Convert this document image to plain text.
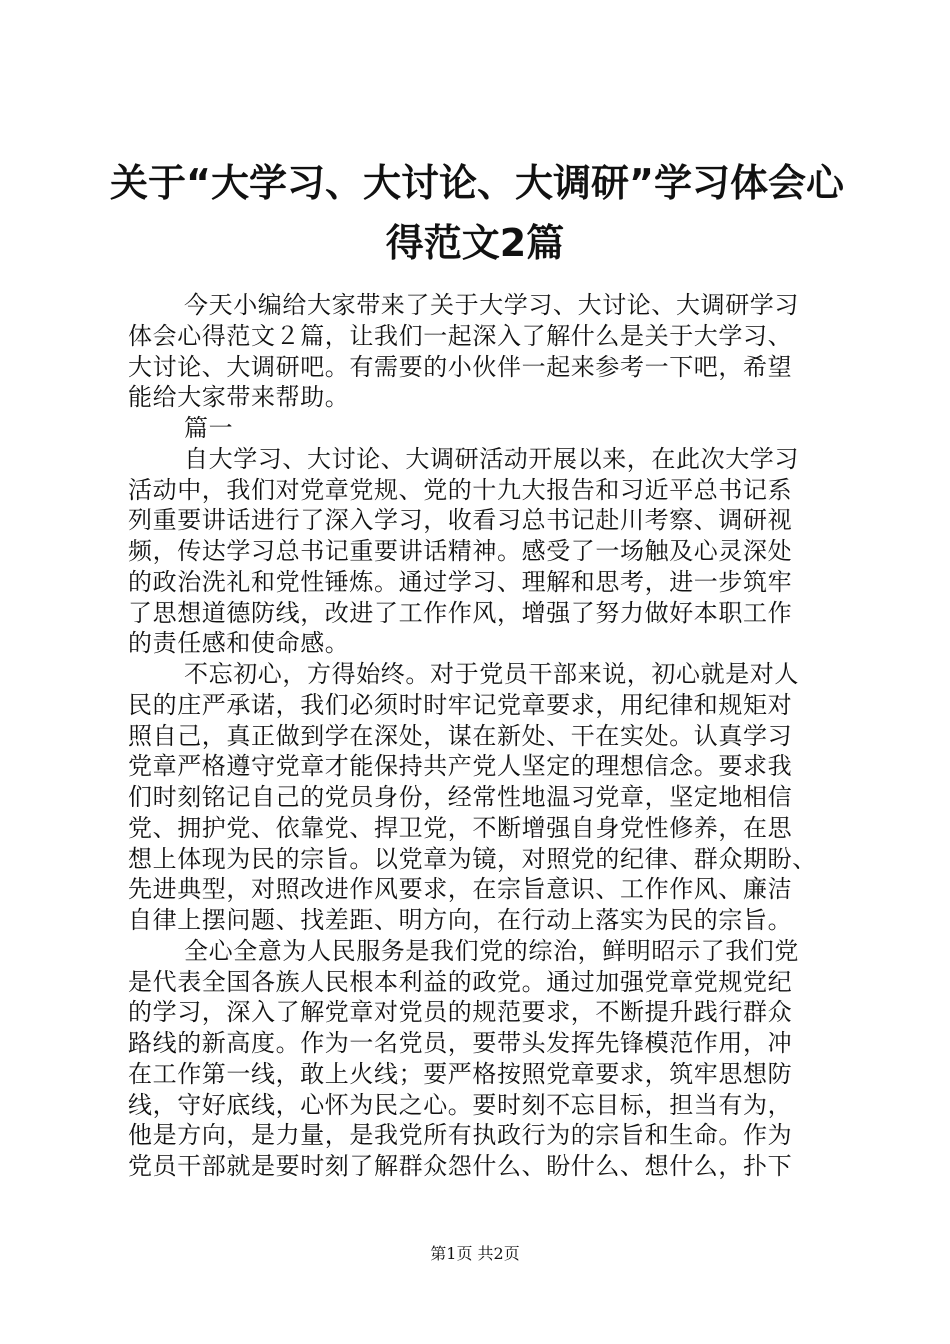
关于“大学习、大讨论、大调研”学习体会心
得范文2篇
今天小编给大家带来了关于大学习、大讨论、大调研学习
体会心得范文２篇，让我们一起深入了解什么是关于大学习、
大讨论、大调研吧。有需要的小伙伴一起来参考一下吧，希望
能给大家带来帮助。
篇一
自大学习、大讨论、大调研活动开展以来，在此次大学习
活动中，我们对党章党规、党的十九大报告和习近平总书记系
列重要讲话进行了深入学习，收看习总书记赴川考察、调研视
频，传达学习总书记重要讲话精神。感受了一场触及心灵深处
的政治洗礼和党性锤炼。通过学习、理解和思考，进一步筑牢
了思想道德防线，改进了工作作风，增强了努力做好本职工作
的责任感和使命感。
不忘初心，方得始终。对于党员干部来说，初心就是对人
民的庄严承诺，我们必须时时牢记党章要求，用纪律和规矩对
照自己，真正做到学在深处，谋在新处、干在实处。认真学习
党章严格遵守党章才能保持共产党人坚定的理想信念。要求我
们时刻铭记自己的党员身份，经常性地温习党章，坚定地相信
党、拥护党、依靠党、捍卫党，不断增强自身党性修养，在思
想上体现为民的宗旨。以党章为镜，对照党的纪律、群众期盼、
先进典型，对照改进作风要求，在宗旨意识、工作作风、廉洁
自律上摆问题、找差距、明方向，在行动上落实为民的宗旨。
全心全意为人民服务是我们党的综治，鲜明昭示了我们党
是代表全国各族人民根本利益的政党。通过加强党章党规党纪
的学习，深入了解党章对党员的规范要求，不断提升践行群众
路线的新高度。作为一名党员，要带头发挥先锋模范作用，冲
在工作第一线，敢上火线；要严格按照党章要求，筑牢思想防
线，守好底线，心怀为民之心。要时刻不忘目标，担当有为，
他是方向，是力量，是我党所有执政行为的宗旨和生命。作为
党员干部就是要时刻了解群众怨什么、盼什么、想什么，扑下
第1页 共2页
